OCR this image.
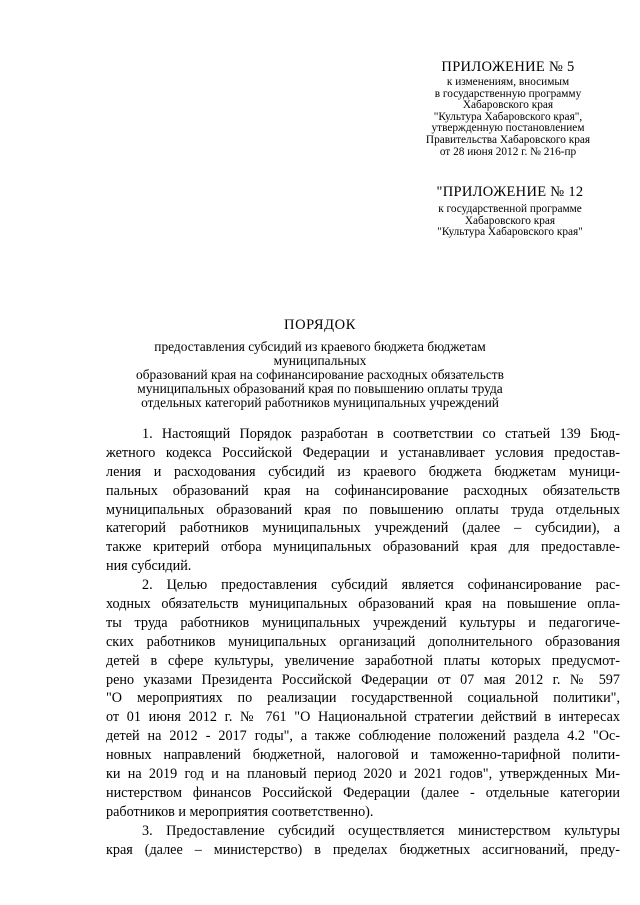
ПРИЛОЖЕНИЕ № 5
к изменениям, вносимым
в государственную программу
Хабаровского края
"Культура Хабаровского края",
утвержденную постановлением
Правительства Хабаровского края
от 28 июня 2012 г. № 216-пр
"ПРИЛОЖЕНИЕ № 12
к государственной программе
Хабаровского края
"Культура Хабаровского края"
ПОРЯДОК
предоставления субсидий из краевого бюджета бюджетам муниципальных
образований края на софинансирование расходных обязательств
муниципальных образований края по повышению оплаты труда
отдельных категорий работников муниципальных учреждений
1. Настоящий Порядок разработан в соответствии со статьей 139 Бюд-
жетного кодекса Российской Федерации и устанавливает условия предостав-
ления и расходования субсидий из краевого бюджета бюджетам муници-
пальных образований края на софинансирование расходных обязательств
муниципальных образований края по повышению оплаты труда отдельных
категорий работников муниципальных учреждений (далее – субсидии), а
также критерий отбора муниципальных образований края для предоставле-
ния субсидий.
2. Целью предоставления субсидий является софинансирование рас-
ходных обязательств муниципальных образований края на повышение опла-
ты труда работников муниципальных учреждений культуры и педагогиче-
ских работников муниципальных организаций дополнительного образования
детей в сфере культуры, увеличение заработной платы которых предусмот-
рено указами Президента Российской Федерации от 07 мая 2012 г. № 597
"О мероприятиях по реализации государственной социальной политики",
от 01 июня 2012 г. № 761 "О Национальной стратегии действий в интересах
детей на 2012 - 2017 годы", а также соблюдение положений раздела 4.2 "Ос-
новных направлений бюджетной, налоговой и таможенно-тарифной полити-
ки на 2019 год и на плановый период 2020 и 2021 годов", утвержденных Ми-
нистерством финансов Российской Федерации (далее - отдельные категории
работников и мероприятия соответственно).
3. Предоставление субсидий осуществляется министерством культуры
края (далее – министерство) в пределах бюджетных ассигнований, преду-
